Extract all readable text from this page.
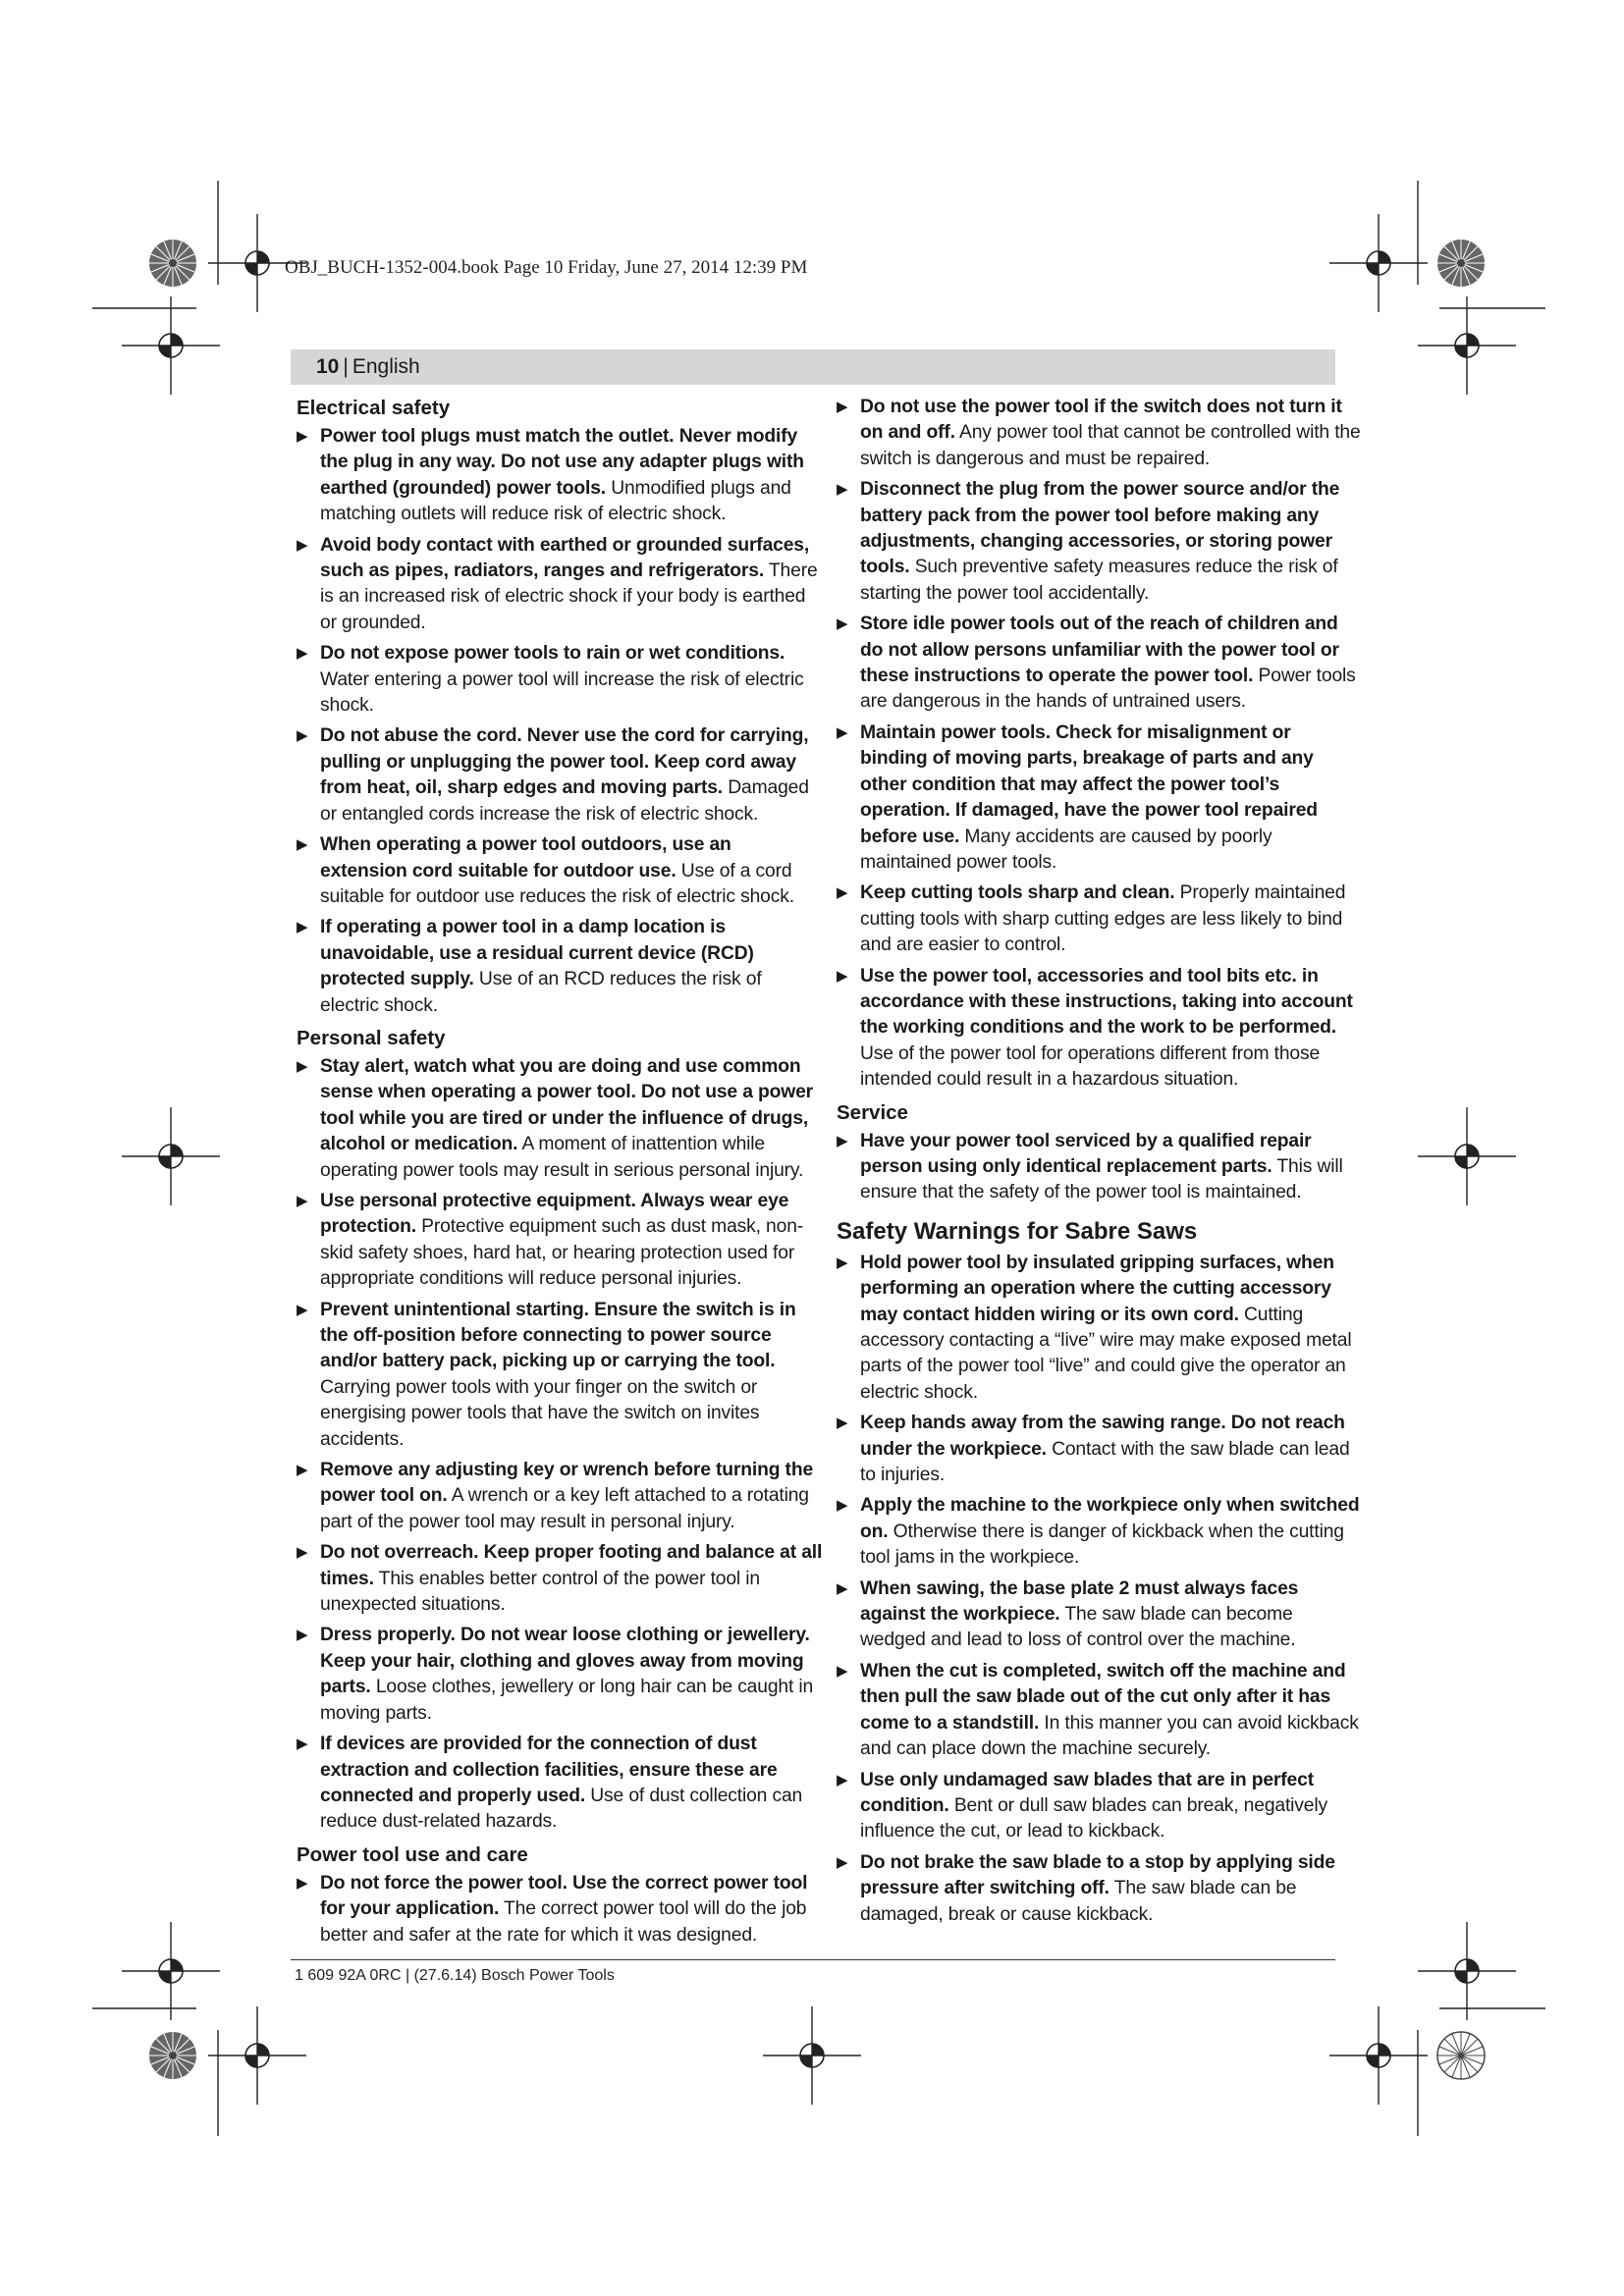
OBJ_BUCH-1352-004.book Page 10 Friday, June 27, 2014 12:39 PM
10 | English
Electrical safety
▶ Power tool plugs must match the outlet. Never modify the plug in any way. Do not use any adapter plugs with earthed (grounded) power tools. Unmodified plugs and matching outlets will reduce risk of electric shock.
▶ Avoid body contact with earthed or grounded surfaces, such as pipes, radiators, ranges and refrigerators. There is an increased risk of electric shock if your body is earthed or grounded.
▶ Do not expose power tools to rain or wet conditions. Water entering a power tool will increase the risk of electric shock.
▶ Do not abuse the cord. Never use the cord for carrying, pulling or unplugging the power tool. Keep cord away from heat, oil, sharp edges and moving parts. Damaged or entangled cords increase the risk of electric shock.
▶ When operating a power tool outdoors, use an extension cord suitable for outdoor use. Use of a cord suitable for outdoor use reduces the risk of electric shock.
▶ If operating a power tool in a damp location is unavoidable, use a residual current device (RCD) protected supply. Use of an RCD reduces the risk of electric shock.
Personal safety
▶ Stay alert, watch what you are doing and use common sense when operating a power tool. Do not use a power tool while you are tired or under the influence of drugs, alcohol or medication. A moment of inattention while operating power tools may result in serious personal injury.
▶ Use personal protective equipment. Always wear eye protection. Protective equipment such as dust mask, non-skid safety shoes, hard hat, or hearing protection used for appropriate conditions will reduce personal injuries.
▶ Prevent unintentional starting. Ensure the switch is in the off-position before connecting to power source and/or battery pack, picking up or carrying the tool. Carrying power tools with your finger on the switch or energising power tools that have the switch on invites accidents.
▶ Remove any adjusting key or wrench before turning the power tool on. A wrench or a key left attached to a rotating part of the power tool may result in personal injury.
▶ Do not overreach. Keep proper footing and balance at all times. This enables better control of the power tool in unexpected situations.
▶ Dress properly. Do not wear loose clothing or jewellery. Keep your hair, clothing and gloves away from moving parts. Loose clothes, jewellery or long hair can be caught in moving parts.
▶ If devices are provided for the connection of dust extraction and collection facilities, ensure these are connected and properly used. Use of dust collection can reduce dust-related hazards.
Power tool use and care
▶ Do not force the power tool. Use the correct power tool for your application. The correct power tool will do the job better and safer at the rate for which it was designed.
▶ Do not use the power tool if the switch does not turn it on and off. Any power tool that cannot be controlled with the switch is dangerous and must be repaired.
▶ Disconnect the plug from the power source and/or the battery pack from the power tool before making any adjustments, changing accessories, or storing power tools. Such preventive safety measures reduce the risk of starting the power tool accidentally.
▶ Store idle power tools out of the reach of children and do not allow persons unfamiliar with the power tool or these instructions to operate the power tool. Power tools are dangerous in the hands of untrained users.
▶ Maintain power tools. Check for misalignment or binding of moving parts, breakage of parts and any other condition that may affect the power tool’s operation. If damaged, have the power tool repaired before use. Many accidents are caused by poorly maintained power tools.
▶ Keep cutting tools sharp and clean. Properly maintained cutting tools with sharp cutting edges are less likely to bind and are easier to control.
▶ Use the power tool, accessories and tool bits etc. in accordance with these instructions, taking into account the working conditions and the work to be performed. Use of the power tool for operations different from those intended could result in a hazardous situation.
Service
▶ Have your power tool serviced by a qualified repair person using only identical replacement parts. This will ensure that the safety of the power tool is maintained.
Safety Warnings for Sabre Saws
▶ Hold power tool by insulated gripping surfaces, when performing an operation where the cutting accessory may contact hidden wiring or its own cord. Cutting accessory contacting a “live” wire may make exposed metal parts of the power tool “live” and could give the operator an electric shock.
▶ Keep hands away from the sawing range. Do not reach under the workpiece. Contact with the saw blade can lead to injuries.
▶ Apply the machine to the workpiece only when switched on. Otherwise there is danger of kickback when the cutting tool jams in the workpiece.
▶ When sawing, the base plate 2 must always faces against the workpiece. The saw blade can become wedged and lead to loss of control over the machine.
▶ When the cut is completed, switch off the machine and then pull the saw blade out of the cut only after it has come to a standstill. In this manner you can avoid kickback and can place down the machine securely.
▶ Use only undamaged saw blades that are in perfect condition. Bent or dull saw blades can break, negatively influence the cut, or lead to kickback.
▶ Do not brake the saw blade to a stop by applying side pressure after switching off. The saw blade can be damaged, break or cause kickback.
1 609 92A 0RC | (27.6.14) Bosch Power Tools
